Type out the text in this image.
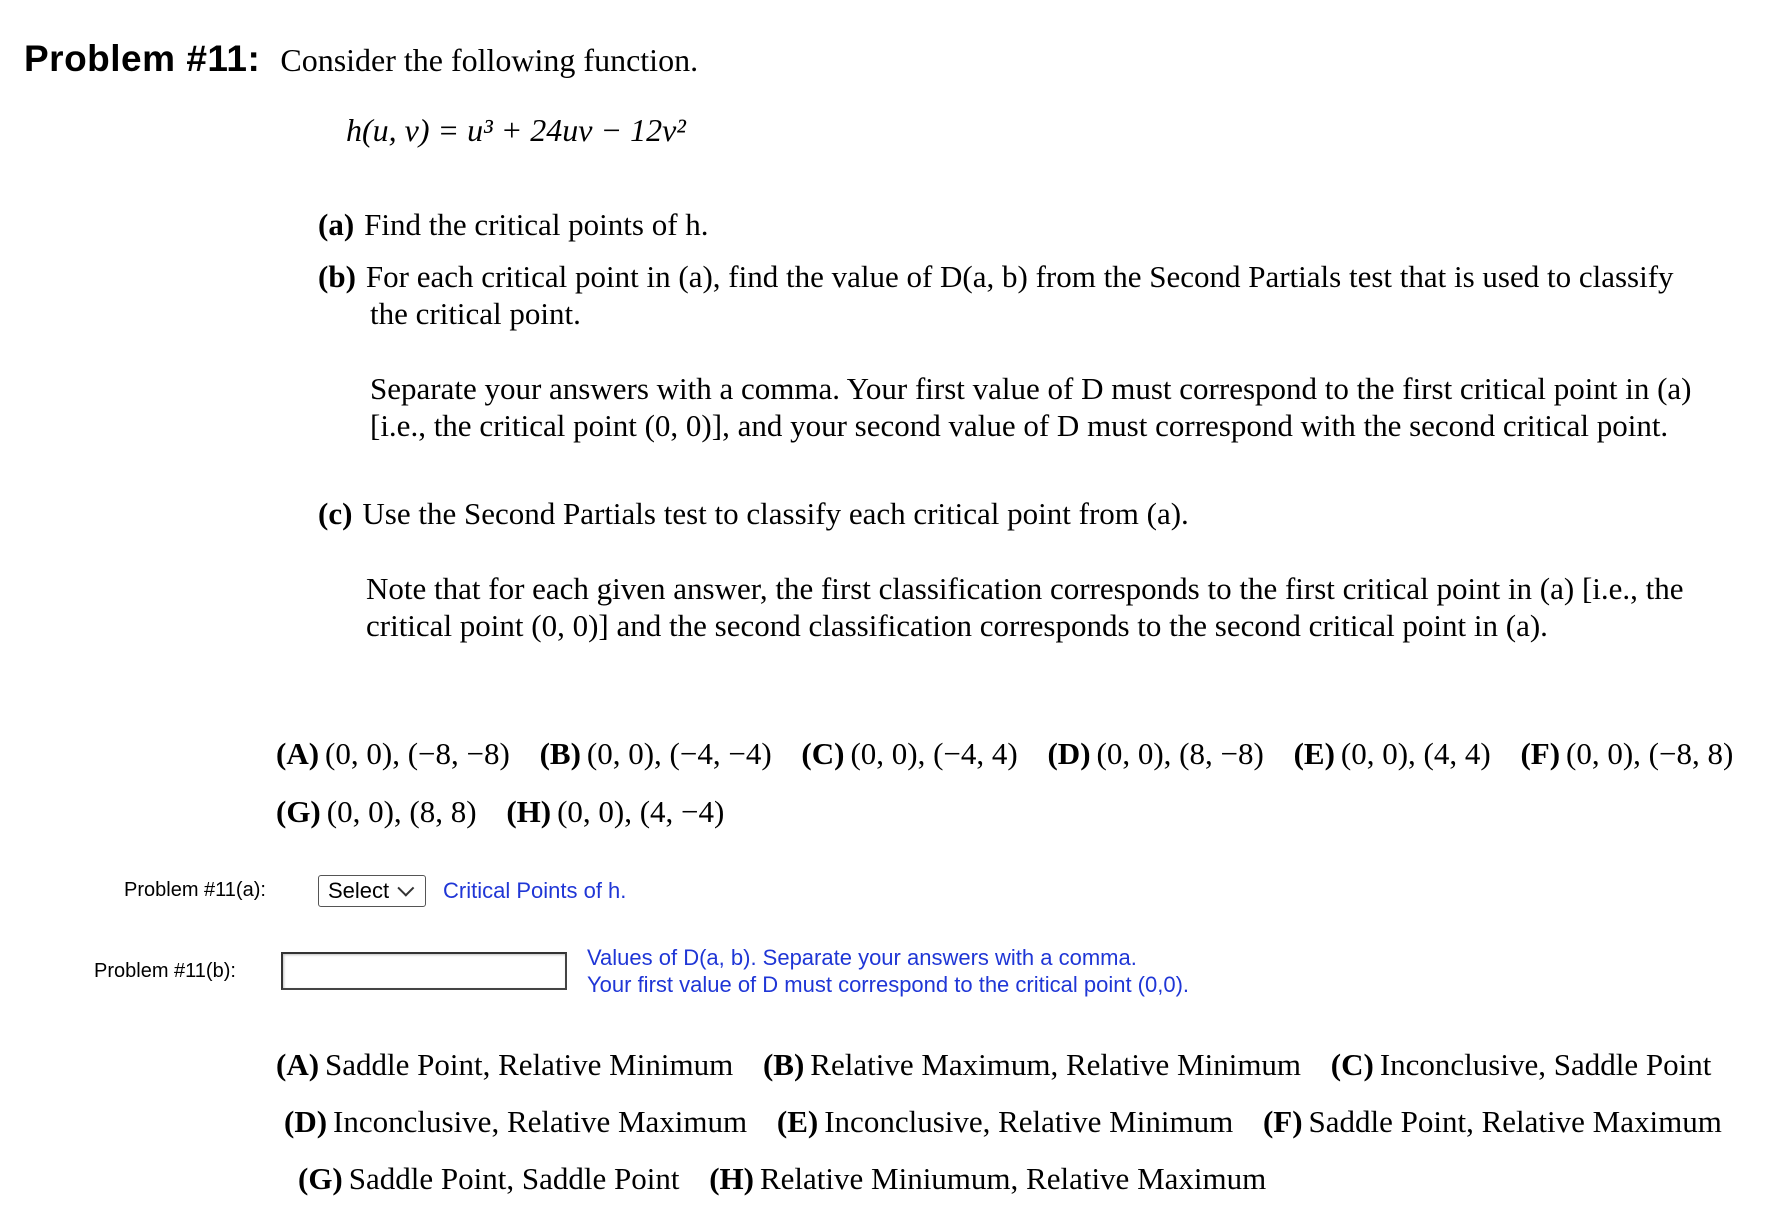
Problem #11: Consider the following function.
h(u, v) = u³ + 24uv − 12v²
(a) Find the critical points of h.
(b) For each critical point in (a), find the value of D(a, b) from the Second Partials test that is used to classify
the critical point.
Separate your answers with a comma. Your first value of D must correspond to the first critical point in (a)
[i.e., the critical point (0, 0)], and your second value of D must correspond with the second critical point.
(c) Use the Second Partials test to classify each critical point from (a).
Note that for each given answer, the first classification corresponds to the first critical point in (a) [i.e., the
critical point (0, 0)] and the second classification corresponds to the second critical point in (a).
(A) (0, 0), (−8, −8) (B) (0, 0), (−4, −4) (C) (0, 0), (−4, 4) (D) (0, 0), (8, −8) (E) (0, 0), (4, 4) (F) (0, 0), (−8, 8)
(G) (0, 0), (8, 8) (H) (0, 0), (4, −4)
Problem #11(a):	Select Critical Points of h.
Problem #11(b):
Values of D(a, b). Separate your answers with a comma.
Your first value of D must correspond to the critical point (0,0).
(A) Saddle Point, Relative Minimum (B) Relative Maximum, Relative Minimum (C) Inconclusive, Saddle Point
(D) Inconclusive, Relative Maximum (E) Inconclusive, Relative Minimum (F) Saddle Point, Relative Maximum
(G) Saddle Point, Saddle Point (H) Relative Miniumum, Relative Maximum
